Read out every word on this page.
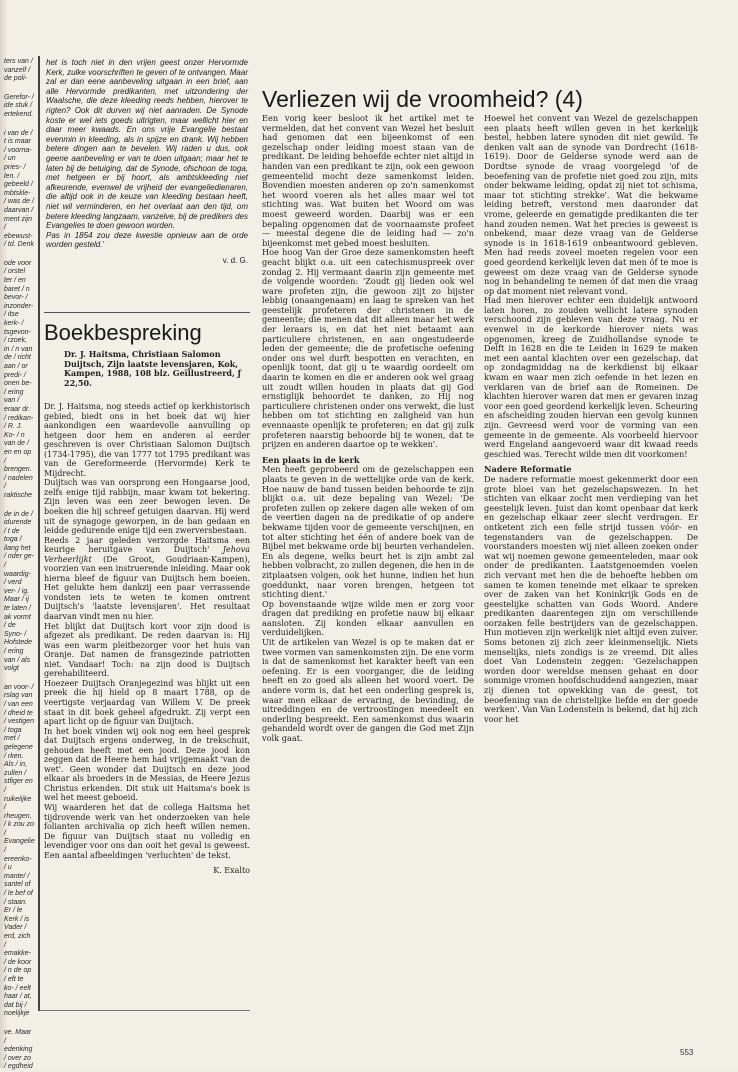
ters van / vanzelf / de poli-
Gerefor- / ide stuk / ertekend.
i van de / t is maar / voorna- / un pries- / len. / gebeeld / mbtskle- / was de / daarvan / ment zijn / ebewust- / td. Denk
ode voor / orstel ter / en baret / n bevor- / inzonder- / itse kerk- / tsgevon- / rzoek, in / n van de / richt aan / or predi- / onen be- / ering van / eraar dr. / redikan- / R. J. Ko- / n van de / en en op / brengen. / nadelen / raktische
de in de / idurende / t de toga / ilang het / nder ge- / waardig- / verd ver- / ig. Maar / ij te laten / ak vormt / de Syno- / Hofstede / ering van / als volgt
an voor- / rslag van / van een / dheid te / vestigen / toga met / gelegene / rken. Als / in, zullen / stfiger en / ruikelijke / rheugen, / k zou zo / Evangelie / ereenko- / u mante/ / santel of / le bef of / staan. Er / le Kerk / is Vader / erd, zich / emakke- / de koor / n de op / eft te ko- / eelt haar / at, dat bij / noelijkje
ve. Maar / edenking / over zo / egdheid

het is toch niet in den vrijen geest onzer Hervormde Kerk, zulke voorschriften te geven of te ontvangen. Maar zal er dan eene aanbeveling uitgaan in een brief, aan alle Hervormde predikanten, met uitzondering der Waalsche, die deze kleeding reeds hebben, hierover te rigten? Ook dit durven wij niet aanraden. De Synode koste er wel iets goeds uitrigten, maar wellicht hier en daar meer kwaads. En ons vrije Evangelie bestaat evenmin in kleeding, als in spijze en drank. Wij hebben betere dingen aan te bevelen. Wij raden u dus, ook geene aanbeveling er van te doen uitgaan; maar het te laten bij de betuiging, dat de Synode, ofschoon de toga, met hetgeen er bij hoort, als ambtskleeding niet afkeurende, evenwel de vrijheid der evangeliedienaren, die altijd ook in de keuze van kleeding bestaan heeft, niet wil verminderen, en het overlaat aan den tijd, om betere kleeding langzaam, vanzelve, bij de predikers des Evangelies te doen gewoon worden.

Pas in 1854 zou deze kwestie opnieuw aan de orde worden gesteld.'

v. d. G.
Boekbespreking
Dr. J. Haitsma, Christiaan Salomon Duijtsch, Zijn laatste levensjaren, Kok, Kampen, 1988, 108 blz. Geïllustreerd, ƒ 22,50.

Dr. J. Haitsma, nog steeds actief op kerkhistorisch gebied, biedt ons in het boek dat wij hier aankondigen een waardevolle aanvulling op hetgeen door hem en anderen al eerder geschreven is over Christiaan Salomon Duijtsch (1734-1795), die van 1777 tot 1795 predikant was van de Gereformeerde (Hervormde) Kerk te Mijdrecht.

Duijtsch was van oorsprong een Hongaarse jood, zelfs enige tijd rabbijn, maar kwam tot bekering. Zijn leven was een zeer bewogen leven. De boeken die hij schreef getuigen daarvan. Hij werd uit de synagoge geworpen, in de ban gedaan en leidde gedurende enige tijd een zwerversbestaan.

Reeds 2 jaar geleden verzorgde Haitsma een keurige heruitgave van Duijtsch' Jehova Verheerlijkt (De Groot, Goudriaan-Kampen), voorzien van een instruerende inleiding. Maar ook hierna bleef de figuur van Duijtsch hem boeien. Het gelukte hem dankzij een paar verrassende vondsten iets te weten te komen omtrent Duijtsch's 'laatste levensjaren'. Het resultaat daarvan vindt men nu hier.

Het blijkt dat Duijtsch kort voor zijn dood is afgezet als predikant. De reden daarvan is: Hij was een warm pleitbezorger voor het huis van Oranje. Dat namen de fransgezinde patriotten niet. Vandaar! Toch: na zijn dood is Duijtsch gerehabiliteerd.

Hoezeer Duijtsch Oranjegezind was blijkt uit een preek die hij hield op 8 maart 1788, op de veertigste verjaardag van Willem V. De preek staat in dit boek geheel afgedrukt. Zij verpt een apart licht op de figuur van Duijtsch.

In het boek vinden wij ook nog een heel gesprek dat Duijtsch ergens onderweg, in de trekschuit, gehouden heeft met een jood. Deze jood kon zeggen dat de Heere hem had vrijgemaakt 'van de wet'. Geen wonder dat Duijtsch en deze jood elkaar als broeders in de Messias, de Heere Jezus Christus erkenden. Dit stuk uit Haitsma's boek is wel het meest geboeid.

Wij waarderen het dat de collega Haitsma het tijdrovende werk van het onderzoeken van hele folianten archivalia op zich heeft willen nemen. De figuur van Duijtsch staat nu volledig en levendiger voor ons dan ooit het geval is geweest. Een aantal afbeeldingen 'verluchten' de tekst.

K. Exalto
Verliezen wij de vroomheid? (4)

Een vorig keer besloot ik het artikel met te vermelden, dat het convent van Wezel het besluit had genomen dat een bijeenkomst of een gezelschap onder leiding moest staan van de predikant. De leiding behoefde echter niet altijd in handen van een predikant te zijn, ook een gewoon gemeentelid mocht deze samenkomst leiden. Bovendien moesten anderen op zo'n samenkomst het woord voeren als het alles maar wel tot stichting was. Wat buiten het Woord om was moest geweerd worden. Daarbij was er een bepaling opgenomen dat de voornaamste profeet — meestal degene die de leiding had — zo'n bijeenkomst met gebed moest besluiten.

Hoe hoog Van der Groe deze samenkomsten heeft geacht blijkt o.a. uit een catechismuspreek over zondag 2. Hij vermaant daarin zijn gemeente met de volgende woorden: 'Zoudt gij lieden ook wel ware profeten zijn, die gewoon zijt zo bijster lebbig (onaangenaam) en laag te spreken van het geestelijk profeteren der christenen in de gemeente; die menen dat dit alleen maar het werk der leraars is, en dat het niet betaamt aan particuliere christenen, en aan ongestudeerde leden der gemeente; die de profetische oefening onder ons wel durft bespotten en verachten, en openlijk toont, dat gij u te waardig oordeelt om daarin te komen en die er anderen ook wel graag uit zoudt willen houden in plaats dat gij God ernstiglijk behoordet te danken, zo Hij nog particuliere christenen onder ons verwekt, die lust hebben om tot stichting en zaligheid van hun evennaaste openlijk te profeteren; en dat gij zulk profeteren naarstig behoorde bij te wonen, dat te prijzen en anderen daartoe op te wekken'.

Een plaats in de kerk

Men heeft geprobeerd om de gezelschappen een plaats te geven in de wettelijke orde van de kerk. Hoe nauw de band tussen beiden behoorde te zijn blijkt o.a. uit deze bepaling van Wezel: 'De profeten zullen op zekere dagen alle weken of om de veertien dagen na de predikatie of op andere bekwame tijden voor de gemeente verschijnen, en tot alter stichting het één of andere boek van de Bijbel met bekwame orde bij beurten verhandelen. En als degene, welks beurt het is zijn ambt zal hebben volbracht, zo zullen degenen, die hen in de zitplaatsen volgen, ook het hunne, indien het hun goeddunkt, naar voren brengen, hetgeen tot stichting dient.'

Op bovenstaande wijze wilde men er zorg voor dragen dat prediking en profetie nauw bij elkaar aansloten. Zij konden elkaar aanvullen en verduidelijken.

Uit de artikelen van Wezel is op te maken dat er twee vormen van samenkomsten zijn. De ene vorm is dat de samenkomst het karakter heeft van een oefening. Er is een voorganger, die de leiding heeft en zo goed als alleen het woord voert. De andere vorm is, dat het een onderling gesprek is, waar men elkaar de ervaring, de bevinding, de uitreddingen en de vertroostingen meedeelt en onderling bespreekt. Een samenkomst dus waarin gehandeld wordt over de gangen die God met Zijn volk gaat.

Hoewel het convent van Wezel de gezelschappen een plaats heeft willen geven in het kerkelijk bestel, hebben latere synoden dit niet gewild. Te denken valt aan de synode van Dordrecht (1618-1619). Door de Gelderse synode werd aan de Dordtse synode de vraag voorgelegd 'of de beoefening van de profetie niet goed zou zijn, mits onder bekwame leiding, opdat zij niet tot schisma, maar tot stichting strekke'. Wat die bekwame leiding betreft, verstond men daaronder dat vrome, geleerde en gematigde predikanten die ter hand zouden nemen. Wat het precies is geweest is onbekend, maar deze vraag van de Gelderse synode is in 1618-1619 onbeantwoord gebleven. Men had reeds zoveel moeten regelen voor een goed geordend kerkelijk leven dat men óf te moe is geweest om deze vraag van de Gelderse synode nog in behandeling te nemen óf dat men die vraag op dat moment niet relevant vond.

Had men hierover echter een duidelijk antwoord laten horen, zo zouden wellicht latere synoden verschoond zijn gebleven van deze vraag. Nu er evenwel in de kerkorde hierover niets was opgenomen, kreeg de Zuidhollandse synode te Delft in 1628 en die te Leiden in 1629 te maken met een aantal klachten over een gezelschap, dat op zondagmiddag na de kerkdienst bij elkaar kwam en waar men zich oefende in het lezen en verklaren van de brief aan de Romeinen. De klachten hierover waren dat men er gevaren inzag voor een goed geordend kerkelijk leven. Scheuring en afscheiding zouden hiervan een gevolg kunnen zijn. Gevreesd werd voor de vorming van een gemeente in de gemeente. Als voorbeeld hiervoor werd Engeland aangevoerd waar dit kwaad reeds geschied was. Terecht wilde men dit voorkomen!

Nadere Reformatie

De nadere reformatie moest gekenmerkt door een grote bloei van het gezelschapswezen. In het stichten van elkaar zocht men verdieping van het geestelijk leven. Juist dan komt openbaar dat kerk en gezelschap elkaar zeer slecht verdragen. Er ontketent zich een felle strijd tussen vóór- en tegenstanders van de gezelschappen. De voorstanders moesten wij niet alleen zoeken onder wat wij noemen gewone gemeenteleden, maar ook onder de predikanten. Laatstgenoemden voelen zich vervant met hen die de behoefte hebben om samen te komen teneinde met elkaar te spreken over de zaken van het Koninkrijk Gods en de geestelijke schatten van Gods Woord. Andere predikanten daarentegen zijn om verschillende oorzaken felle bestrijders van de gezelschappen. Hun motieven zijn werkelijk niet altijd even zuiver. Soms betonen zij zich zeer kleinmenselijk. Niets menselijks, niets zondigs is ze vreemd. Dit alles doet Van Lodenstein zeggen: 'Gezelschappen worden door wereldse mensen gehaat en door sommige vromen hoofdschuddend aangezien, maar zij dienen tot opwekking van de geest, tot beoefening van de christelijke liefde en der goede werken'. Van Van Lodenstein is bekend, dat hij zich voor het

553
